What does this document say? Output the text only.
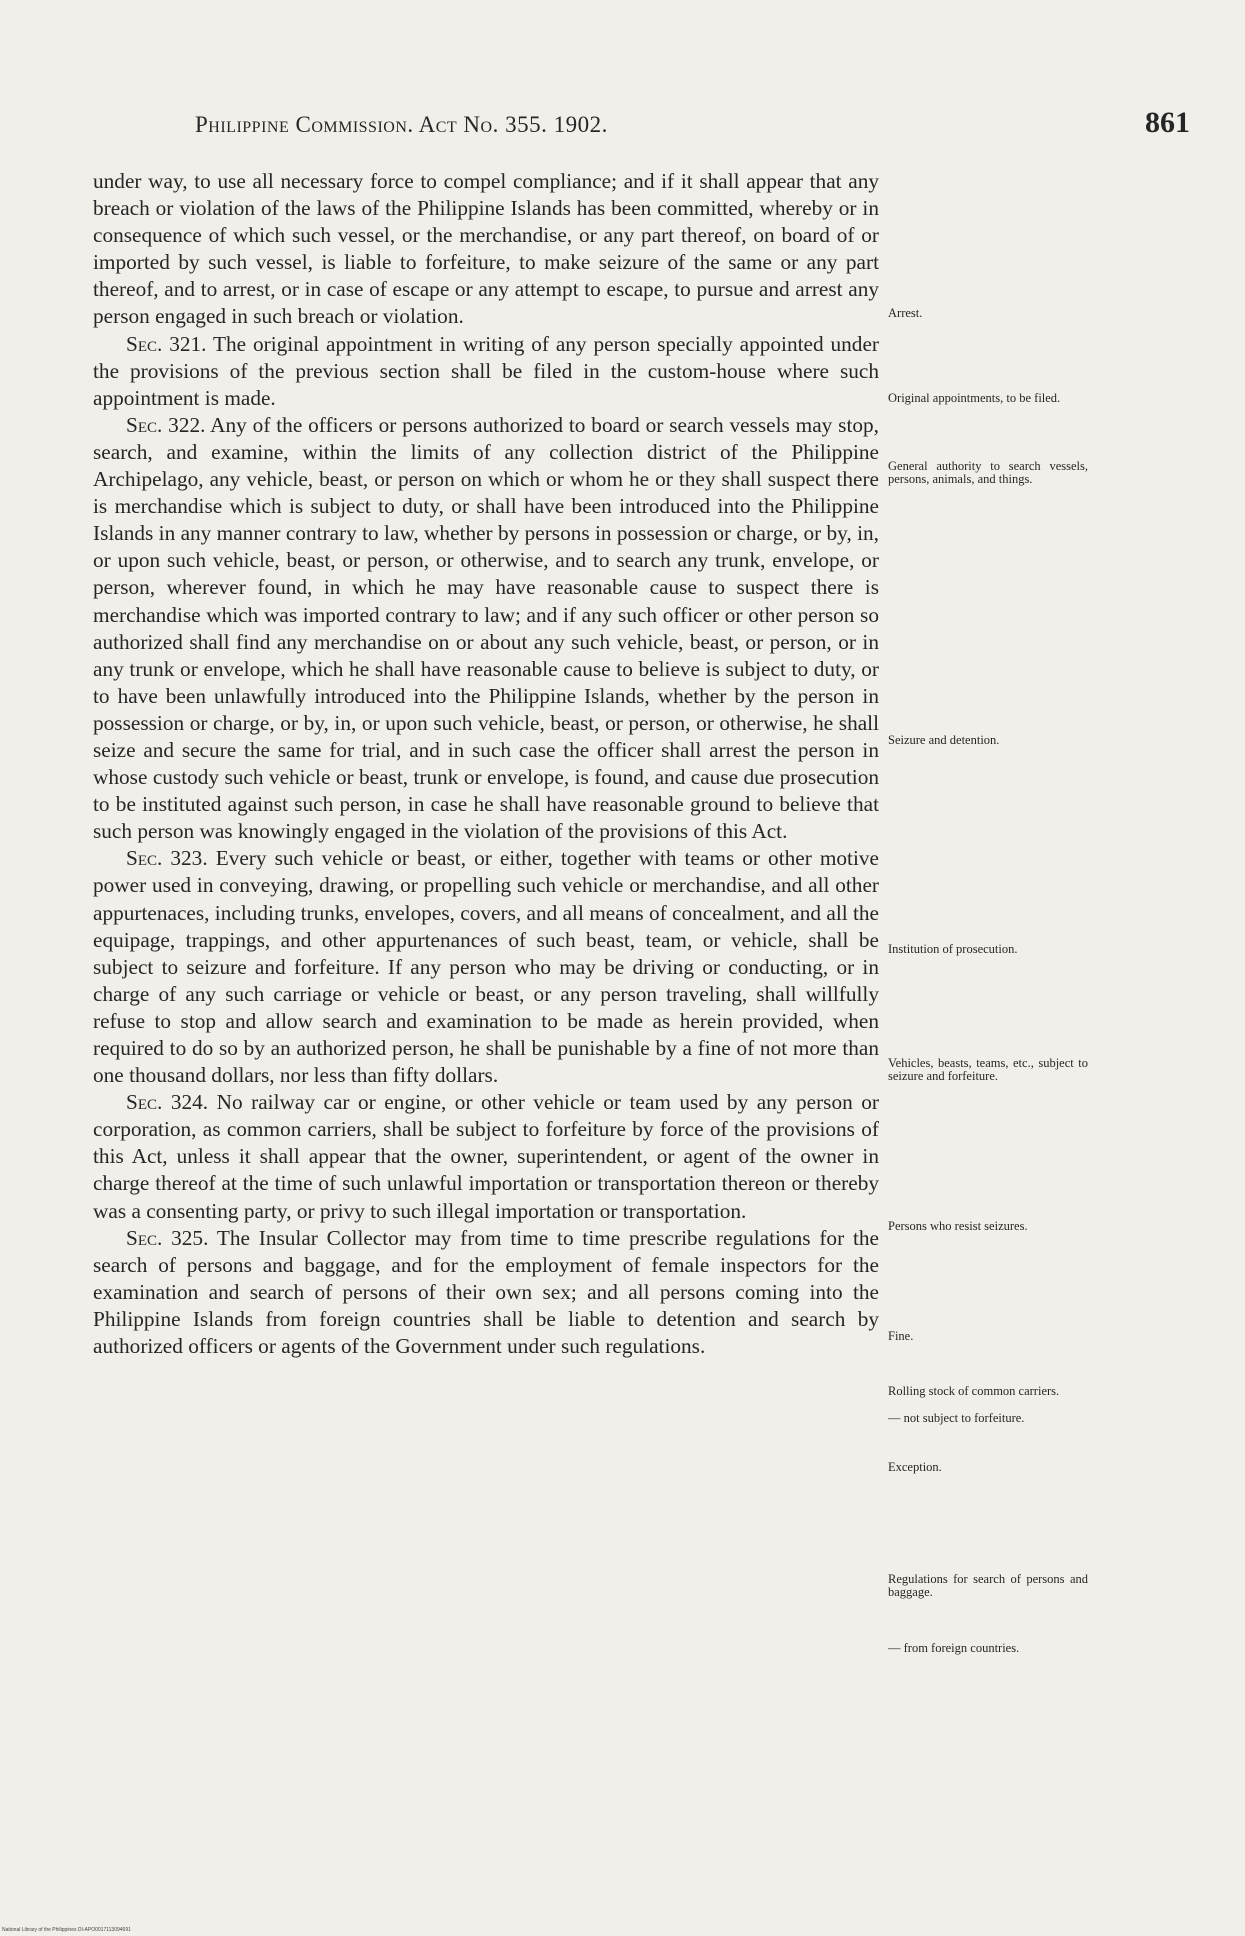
Philippine Commission. Act No. 355. 1902.	861

under way, to use all necessary force to compel compliance; and if it shall appear that any breach or violation of the laws of the Philippine Islands has been committed, whereby or in consequence of which such vessel, or the merchandise, or any part thereof, on board of or imported by such vessel, is liable to forfeiture, to make seizure of the same or any part thereof, and to arrest, or in case of escape or any attempt to escape, to pursue and arrest any person engaged in such breach or violation.

Sec. 321. The original appointment in writing of any person specially appointed under the provisions of the previous section shall be filed in the custom-house where such appointment is made.

Sec. 322. Any of the officers or persons authorized to board or search vessels may stop, search, and examine, within the limits of any collection district of the Philippine Archipelago, any vehicle, beast, or person on which or whom he or they shall suspect there is merchandise which is subject to duty, or shall have been introduced into the Philippine Islands in any manner contrary to law, whether by persons in possession or charge, or by, in, or upon such vehicle, beast, or person, or otherwise, and to search any trunk, envelope, or person, wherever found, in which he may have reasonable cause to suspect there is merchandise which was imported contrary to law; and if any such officer or other person so authorized shall find any merchandise on or about any such vehicle, beast, or person, or in any trunk or envelope, which he shall have reasonable cause to believe is subject to duty, or to have been unlawfully introduced into the Philippine Islands, whether by the person in possession or charge, or by, in, or upon such vehicle, beast, or person, or otherwise, he shall seize and secure the same for trial, and in such case the officer shall arrest the person in whose custody such vehicle or beast, trunk or envelope, is found, and cause due prosecution to be instituted against such person, in case he shall have reasonable ground to believe that such person was knowingly engaged in the violation of the provisions of this Act.

Sec. 323. Every such vehicle or beast, or either, together with teams or other motive power used in conveying, drawing, or propelling such vehicle or merchandise, and all other appurtenaces, including trunks, envelopes, covers, and all means of concealment, and all the equipage, trappings, and other appurtenances of such beast, team, or vehicle, shall be subject to seizure and forfeiture. If any person who may be driving or conducting, or in charge of any such carriage or vehicle or beast, or any person traveling, shall willfully refuse to stop and allow search and examination to be made as herein provided, when required to do so by an authorized person, he shall be punishable by a fine of not more than one thousand dollars, nor less than fifty dollars.

Sec. 324. No railway car or engine, or other vehicle or team used by any person or corporation, as common carriers, shall be subject to forfeiture by force of the provisions of this Act, unless it shall appear that the owner, superintendent, or agent of the owner in charge thereof at the time of such unlawful importation or transportation thereon or thereby was a consenting party, or privy to such illegal importation or transportation.

Sec. 325. The Insular Collector may from time to time prescribe regulations for the search of persons and baggage, and for the employment of female inspectors for the examination and search of persons of their own sex; and all persons coming into the Philippine Islands from foreign countries shall be liable to detention and search by authorized officers or agents of the Government under such regulations.

Arrest.
Original appointments, to be filed.
General authority to search vessels, persons, animals, and things.
Seizure and detention.
Institution of prosecution.
Vehicles, beasts, teams, etc., subject to seizure and forfeiture.
Persons who resist seizures.
Fine.
Rolling stock of common carriers.
— not subject to forfeiture.
Exception.
Regulations for search of persons and baggage.
— from foreign countries.
National Library of the Philippines DI-APO0017113094691
